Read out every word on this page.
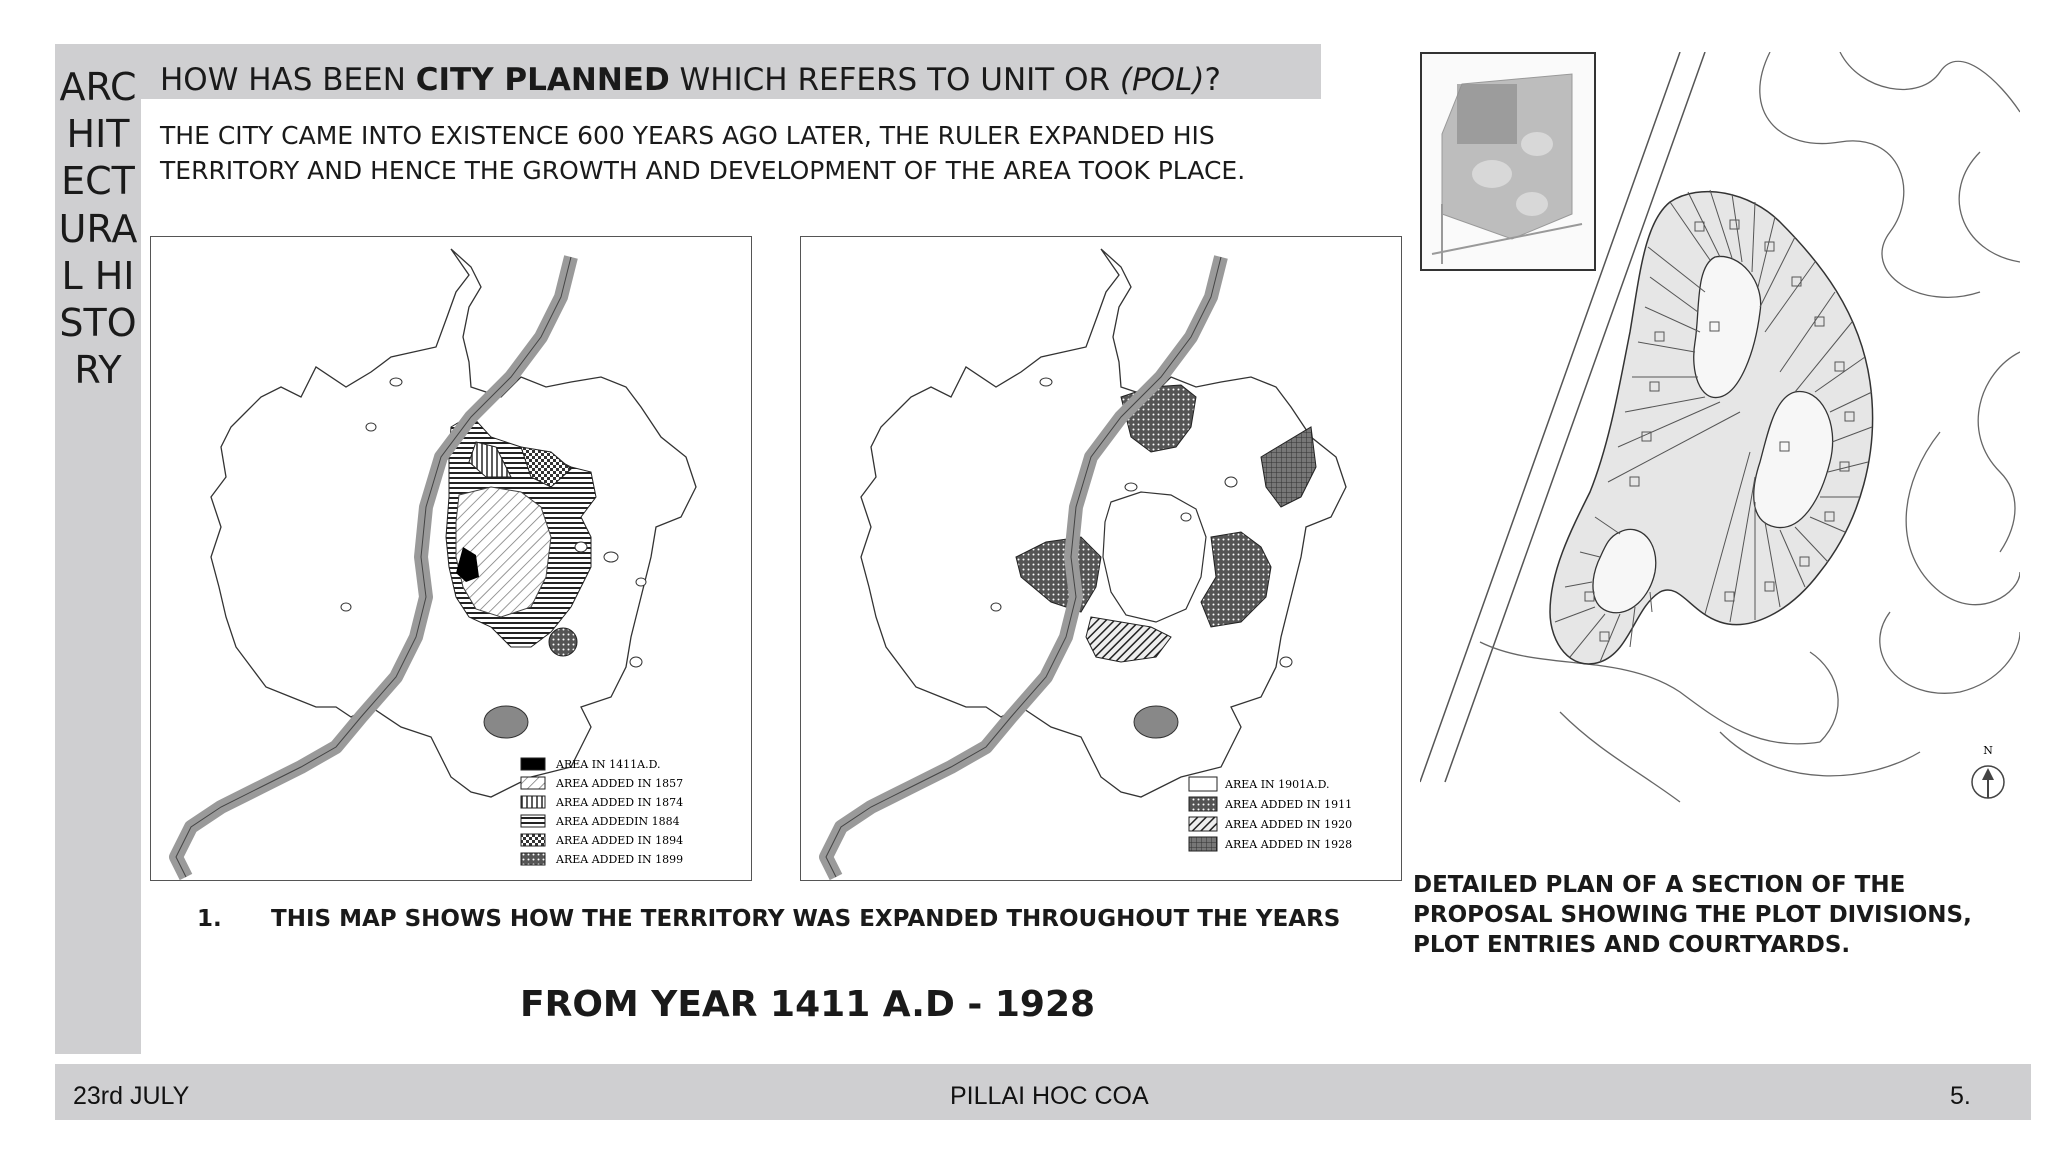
ARCHITECTURAL HISTORY
HOW HAS BEEN CITY PLANNED WHICH REFERS TO UNIT OR (POL)?
THE CITY CAME INTO EXISTENCE 600 YEARS AGO LATER, THE RULER EXPANDED HIS
TERRITORY AND HENCE THE GROWTH AND DEVELOPMENT OF THE AREA TOOK PLACE.
AREA IN 1411A.D.
AREA ADDED IN 1857
AREA ADDED IN 1874
AREA ADDEDIN 1884
AREA ADDED IN 1894
AREA ADDED IN 1899
AREA IN 1901A.D.
AREA ADDED IN 1911
AREA ADDED IN 1920
AREA ADDED IN 1928
N
1. THIS MAP SHOWS HOW THE TERRITORY WAS EXPANDED THROUGHOUT THE YEARS
FROM YEAR 1411 A.D - 1928
DETAILED PLAN OF A SECTION OF THE PROPOSAL SHOWING THE PLOT DIVISIONS, PLOT ENTRIES AND COURTYARDS.
23rd JULY	PILLAI HOC COA	5.
